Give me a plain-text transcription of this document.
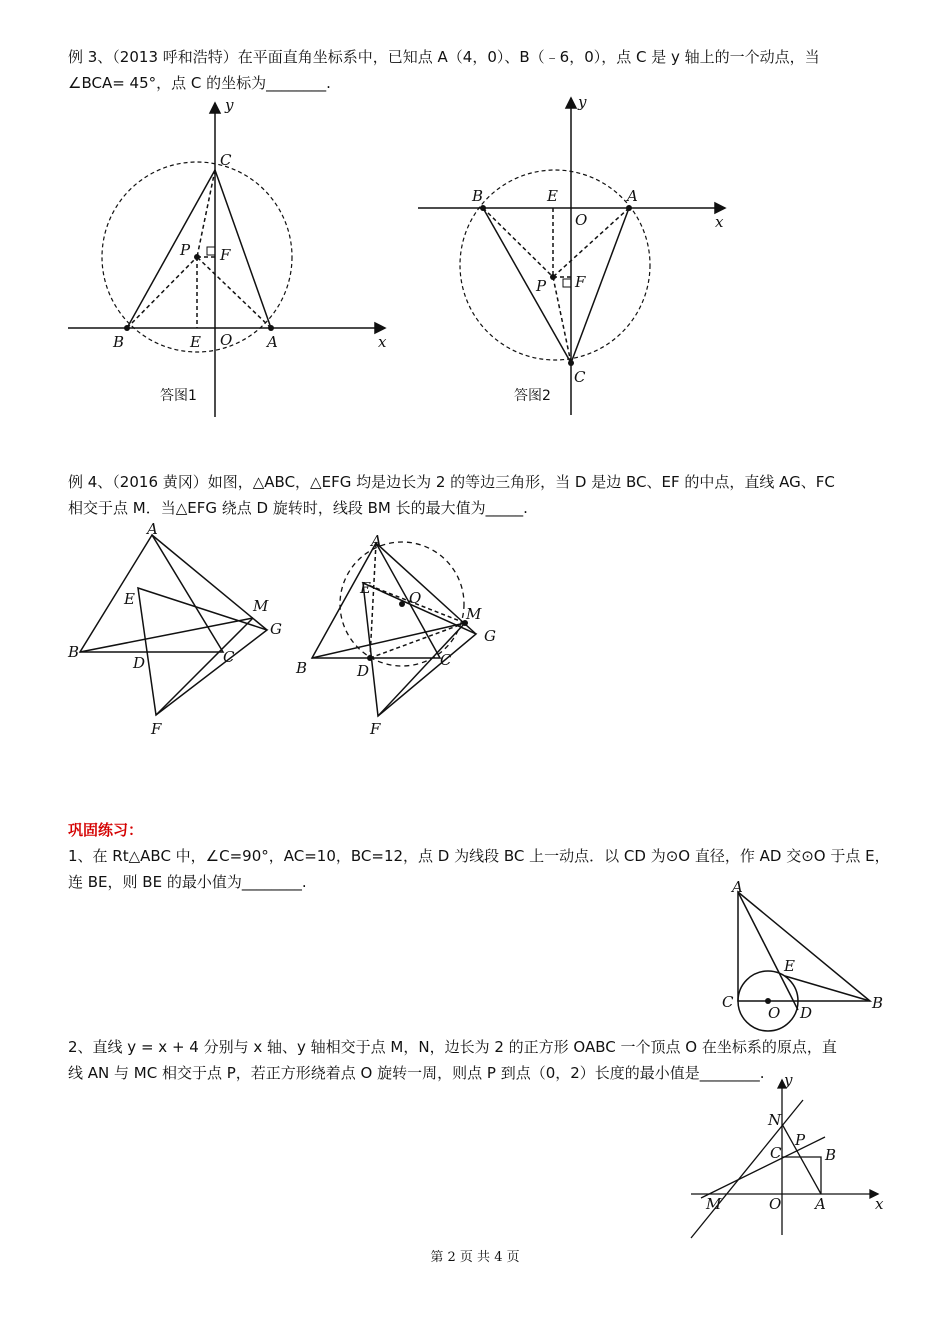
例 3、（2013 呼和浩特）在平面直角坐标系中，已知点 A（4，0）、B（﹣6，0），点 C 是 y 轴上的一个动点，当
∠BCA= 45°，点 C 的坐标为________.
y
x
C
P F
B	E O A
答图1
y
x
B	E	A
O
P F
C
答图2
例 4、（2016 黄冈）如图，△ABC，△EFG 均是边长为 2 的等边三角形，当 D 是边 BC、EF 的中点，直线 AG、FC
相交于点 M．当△EFG 绕点 D 旋转时，线段 BM 长的最大值为_____.
A
E	M
G
B
D	C
F
A
E
O
M
G
B	D
C
F
巩固练习：
1、在 Rt△ABC 中，∠C=90°，AC=10，BC=12，点 D 为线段 BC 上一动点．以 CD 为⊙O 直径，作 AD 交⊙O 于点 E，
连 BE，则 BE 的最小值为________.	A
E
C
O D
B
2、直线 y = x + 4 分别与 x 轴、y 轴相交于点 M，N，边长为 2 的正方形 OABC 一个顶点 O 在坐标系的原点，直
线 AN 与 MC 相交于点 P，若正方形绕着点 O 旋转一周，则点 P 到点（0，2）长度的最小值是________.	y
N
P
C	B
M	O A	x
第 2 页 共 4 页
